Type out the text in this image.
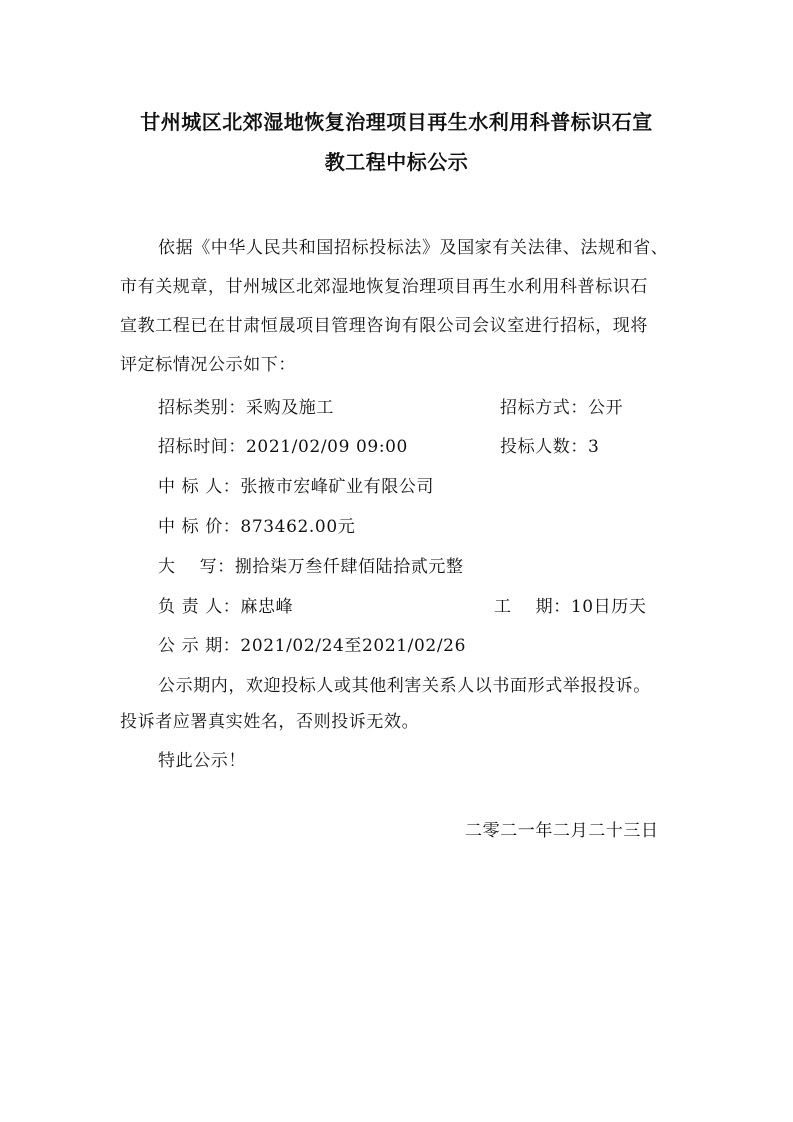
甘州城区北郊湿地恢复治理项目再生水利用科普标识石宣
教工程中标公示
依据《中华人民共和国招标投标法》及国家有关法律、法规和省、
市有关规章，甘州城区北郊湿地恢复治理项目再生水利用科普标识石
宣教工程已在甘肃恒晟项目管理咨询有限公司会议室进行招标，现将
评定标情况公示如下：
招标类别：采购及施工	招标方式：公开
招标时间：2021/02/09 09:00	投标人数：3
中 标 人：张掖市宏峰矿业有限公司
中 标 价：873462.00元
大    写：捌拾柒万叁仟肆佰陆拾贰元整
负 责 人：麻忠峰	工    期：10日历天
公 示 期：2021/02/24至2021/02/26
公示期内，欢迎投标人或其他利害关系人以书面形式举报投诉。
投诉者应署真实姓名，否则投诉无效。
特此公示！
二零二一年二月二十三日
